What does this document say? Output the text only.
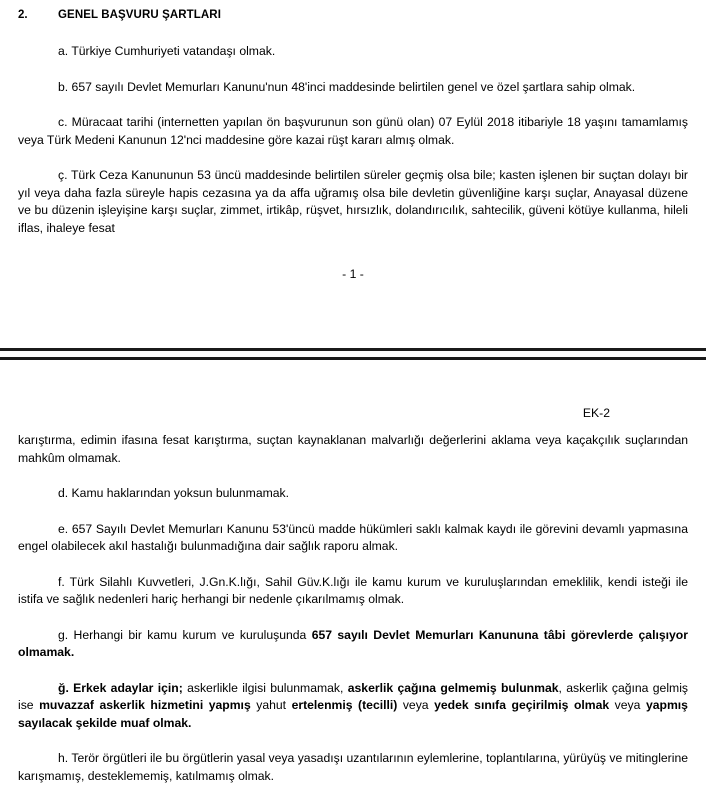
2.	GENEL BAŞVURU ŞARTLARI

a. Türkiye Cumhuriyeti vatandaşı olmak.

b. 657 sayılı Devlet Memurları Kanunu'nun 48'inci maddesinde belirtilen genel ve özel şartlara sahip olmak.

c. Müracaat tarihi (internetten yapılan ön başvurunun son günü olan) 07 Eylül 2018 itibariyle 18 yaşını tamamlamış veya Türk Medeni Kanunun 12'nci maddesine göre kazai rüşt kararı almış olmak.

ç. Türk Ceza Kanununun 53 üncü maddesinde belirtilen süreler geçmiş olsa bile; kasten işlenen bir suçtan dolayı bir yıl veya daha fazla süreyle hapis cezasına ya da affa uğramış olsa bile devletin güvenliğine karşı suçlar, Anayasal düzene ve bu düzenin işleyişine karşı suçlar, zimmet, irtikâp, rüşvet, hırsızlık, dolandırıcılık, sahtecilik, güveni kötüye kullanma, hileli iflas, ihaleye fesat

- 1 -
EK-2

karıştırma, edimin ifasına fesat karıştırma, suçtan kaynaklanan malvarlığı değerlerini aklama veya kaçakçılık suçlarından mahkûm olmamak.

d. Kamu haklarından yoksun bulunmamak.

e. 657 Sayılı Devlet Memurları Kanunu 53'üncü madde hükümleri saklı kalmak kaydı ile görevini devamlı yapmasına engel olabilecek akıl hastalığı bulunmadığına dair sağlık raporu almak.

f. Türk Silahlı Kuvvetleri, J.Gn.K.lığı, Sahil Güv.K.lığı ile kamu kurum ve kuruluşlarından emeklilik, kendi isteği ile istifa ve sağlık nedenleri hariç herhangi bir nedenle çıkarılmamış olmak.

g. Herhangi bir kamu kurum ve kuruluşunda 657 sayılı Devlet Memurları Kanununa tâbi görevlerde çalışıyor olmamak.

ğ. Erkek adaylar için; askerlikle ilgisi bulunmamak, askerlik çağına gelmemiş bulunmak, askerlik çağına gelmiş ise muvazzaf askerlik hizmetini yapmış yahut ertelenmiş (tecilli) veya yedek sınıfa geçirilmiş olmak veya yapmış sayılacak şekilde muaf olmak.

h. Terör örgütleri ile bu örgütlerin yasal veya yasadışı uzantılarının eylemlerine, toplantılarına, yürüyüş ve mitinglerine karışmamış, desteklememiş, katılmamış olmak.
